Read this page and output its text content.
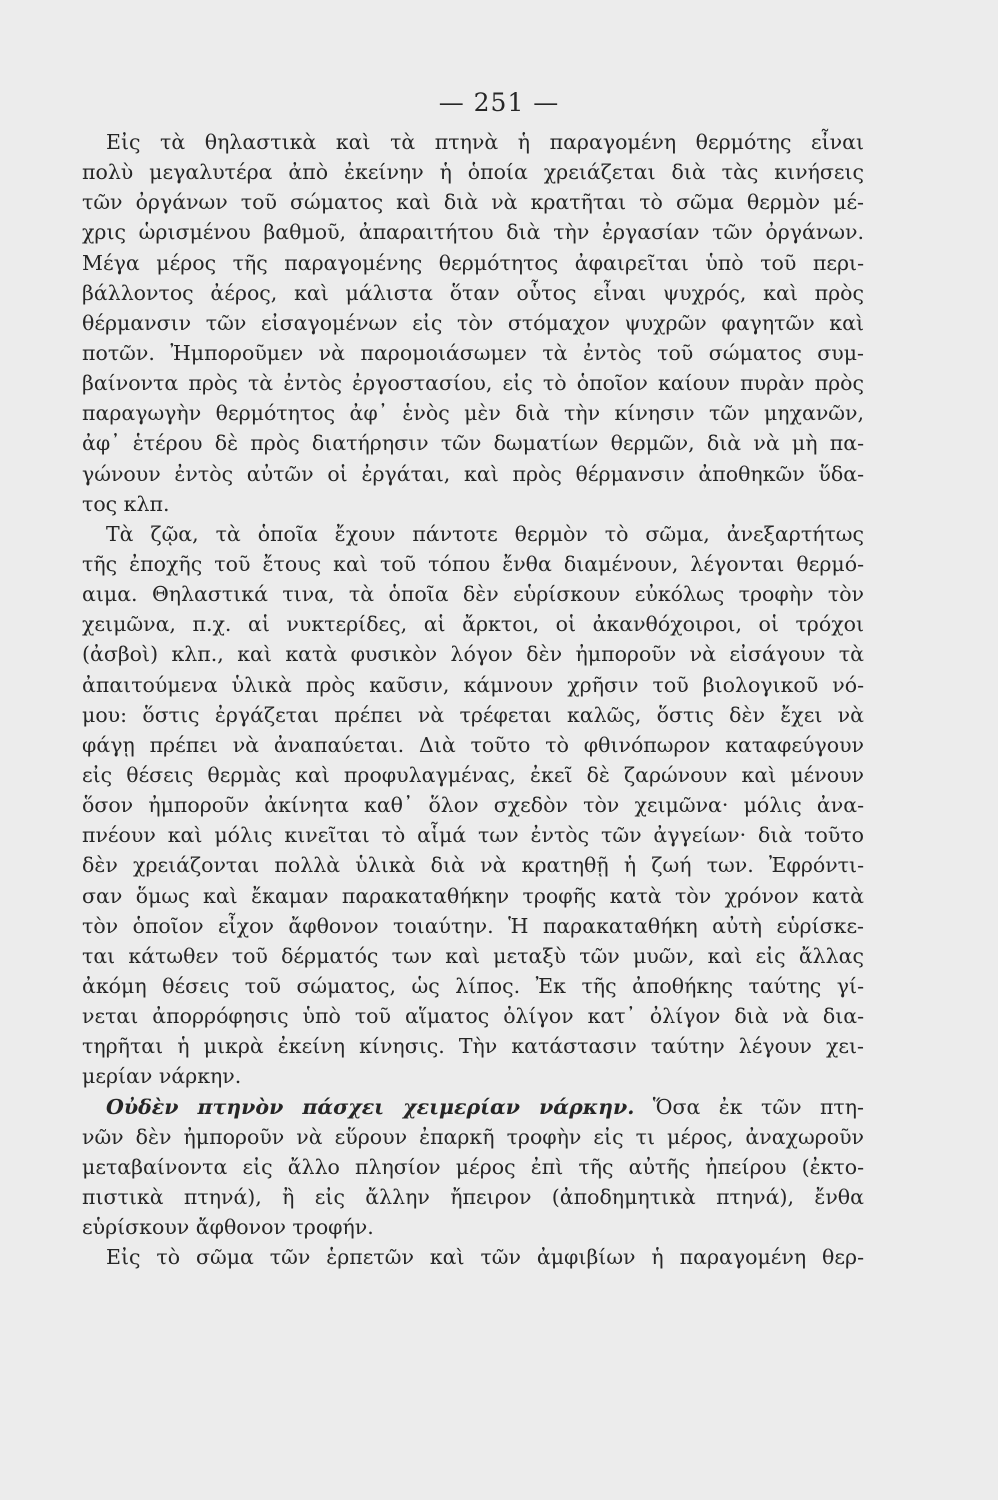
— 251 —
Εἰς τὰ θηλαστικὰ καὶ τὰ πτηνὰ ἡ παραγομένη θερμότης εἶναι
πολὺ μεγαλυτέρα ἀπὸ ἐκείνην ἡ ὁποία χρειάζεται διὰ τὰς κινήσεις
τῶν ὀργάνων τοῦ σώματος καὶ διὰ νὰ κρατῆται τὸ σῶμα θερμὸν μέ-
χρις ὡρισμένου βαθμοῦ, ἀπαραιτήτου διὰ τὴν ἐργασίαν τῶν ὀργάνων.
Μέγα μέρος τῆς παραγομένης θερμότητος ἀφαιρεῖται ὑπὸ τοῦ περι-
βάλλοντος ἀέρος, καὶ μάλιστα ὅταν οὗτος εἶναι ψυχρός, καὶ πρὸς
θέρμανσιν τῶν εἰσαγομένων εἰς τὸν στόμαχον ψυχρῶν φαγητῶν καὶ
ποτῶν. Ἠμποροῦμεν νὰ παρομοιάσωμεν τὰ ἐντὸς τοῦ σώματος συμ-
βαίνοντα πρὸς τὰ ἐντὸς ἐργοστασίου, εἰς τὸ ὁποῖον καίουν πυρὰν πρὸς
παραγωγὴν θερμότητος ἀφ᾿ ἑνὸς μὲν διὰ τὴν κίνησιν τῶν μηχανῶν,
ἀφ᾿ ἑτέρου δὲ πρὸς διατήρησιν τῶν δωματίων θερμῶν, διὰ νὰ μὴ πα-
γώνουν ἐντὸς αὐτῶν οἱ ἐργάται, καὶ πρὸς θέρμανσιν ἀποθηκῶν ὕδα-
τος κλπ.
Τὰ ζῷα, τὰ ὁποῖα ἔχουν πάντοτε θερμὸν τὸ σῶμα, ἀνεξαρτήτως
τῆς ἐποχῆς τοῦ ἔτους καὶ τοῦ τόπου ἔνθα διαμένουν, λέγονται θερμό-
αιμα. Θηλαστικά τινα, τὰ ὁποῖα δὲν εὑρίσκουν εὐκόλως τροφὴν τὸν
χειμῶνα, π.χ. αἱ νυκτερίδες, αἱ ἄρκτοι, οἱ ἀκανθόχοιροι, οἱ τρόχοι
(ἀσβοὶ) κλπ., καὶ κατὰ φυσικὸν λόγον δὲν ἠμποροῦν νὰ εἰσάγουν τὰ
ἀπαιτούμενα ὑλικὰ πρὸς καῦσιν, κάμνουν χρῆσιν τοῦ βιολογικοῦ νό-
μου: ὅστις ἐργάζεται πρέπει νὰ τρέφεται καλῶς, ὅστις δὲν ἔχει νὰ
φάγῃ πρέπει νὰ ἀναπαύεται. Διὰ τοῦτο τὸ φθινόπωρον καταφεύγουν
εἰς θέσεις θερμὰς καὶ προφυλαγμένας, ἐκεῖ δὲ ζαρώνουν καὶ μένουν
ὅσον ἠμποροῦν ἀκίνητα καθ᾿ ὅλον σχεδὸν τὸν χειμῶνα· μόλις ἀνα-
πνέουν καὶ μόλις κινεῖται τὸ αἷμά των ἐντὸς τῶν ἀγγείων· διὰ τοῦτο
δὲν χρειάζονται πολλὰ ὑλικὰ διὰ νὰ κρατηθῇ ἡ ζωή των. Ἐφρόντι-
σαν ὅμως καὶ ἔκαμαν παρακαταθήκην τροφῆς κατὰ τὸν χρόνον κατὰ
τὸν ὁποῖον εἶχον ἄφθονον τοιαύτην. Ἡ παρακαταθήκη αὐτὴ εὑρίσκε-
ται κάτωθεν τοῦ δέρματός των καὶ μεταξὺ τῶν μυῶν, καὶ εἰς ἄλλας
ἀκόμη θέσεις τοῦ σώματος, ὡς λίπος. Ἐκ τῆς ἀποθήκης ταύτης γί-
νεται ἀπορρόφησις ὑπὸ τοῦ αἵματος ὀλίγον κατ᾿ ὀλίγον διὰ νὰ δια-
τηρῆται ἡ μικρὰ ἐκείνη κίνησις. Τὴν κατάστασιν ταύτην λέγουν χει-
μερίαν νάρκην.
Οὐδὲν πτηνὸν πάσχει χειμερίαν νάρκην. Ὅσα ἐκ τῶν πτη-
νῶν δὲν ἠμποροῦν νὰ εὕρουν ἐπαρκῆ τροφὴν εἰς τι μέρος, ἀναχωροῦν
μεταβαίνοντα εἰς ἄλλο πλησίον μέρος ἐπὶ τῆς αὐτῆς ἠπείρου (ἐκτο-
πιστικὰ πτηνά), ἢ εἰς ἄλλην ἤπειρον (ἀποδημητικὰ πτηνά), ἔνθα
εὑρίσκουν ἄφθονον τροφήν.
Εἰς τὸ σῶμα τῶν ἑρπετῶν καὶ τῶν ἀμφιβίων ἡ παραγομένη θερ-
